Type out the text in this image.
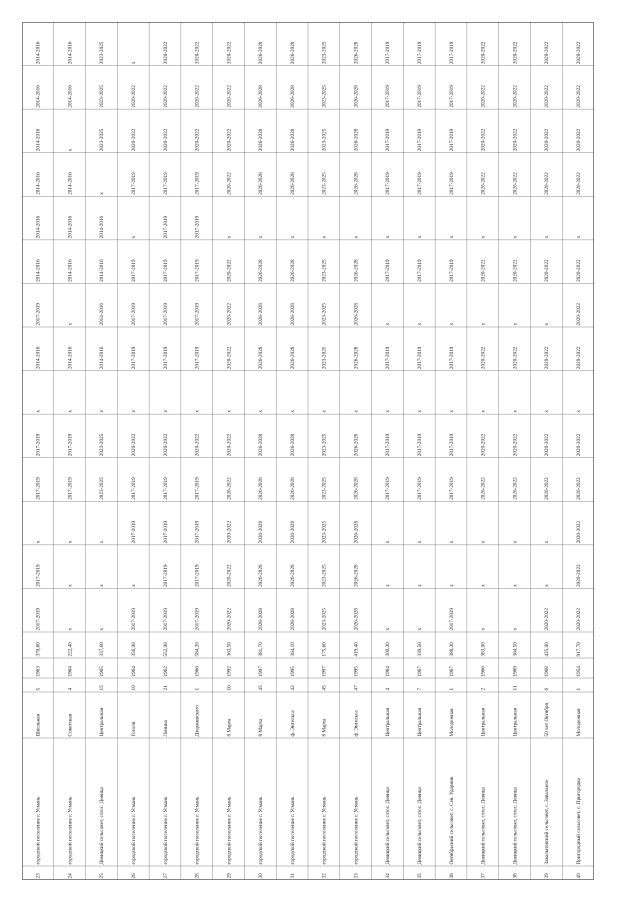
23
городской поселение г. Усмань
Школьная
5
1963
370,60
2017-2019
2017-2019
x
2017-2019
2017-2019
x
2014-2016
2017-2019
2014-2016
2014-2016
2014-2016
2014-2016
2014-2016
2014-2016
24
городской поселение г. Усмань
Советская
4
1964
222,40
x
x
x
2017-2019
2017-2019
x
2014-2016
x
2014-2016
2014-2016
2014-2016
x
2014-2016
2014-2016
25
Девицкий сельсовет, с/пос. Девица
Центральная
15
1965
337,60
x
x
x
2023-2025
2023-2025
x
2014-2016
2014-2016
2014-2016
2014-2016
x
2023-2025
2023-2025
2023-2025
26
городской поселение г. Усмань
Гоголя
10
1964
356,00
2017-2019
x
2017-2019
2017-2019
2020-2022
x
2017-2019
2017-2019
2017-2019
x
2017-2019
2020-2022
2020-2022
x
27
городской поселение г. Усмань
Ленина
21
1962
552,00
2017-2019
2017-2019
2017-2019
2017-2019
2020-2022
x
2017-2019
2017-2019
2017-2019
2017-2019
2017-2019
2020-2022
2020-2022
2020-2022
28
городской поселение г. Усмань
Дзержинского
1
1966
584,20
2017-2019
2017-2019
2017-2019
2017-2019
2020-2022
x
2017-2019
2017-2019
2017-2019
2017-2019
2017-2019
2020-2022
2020-2022
2020-2022
29
городской поселение г. Усмань
8 Марта
16
1992
363,50
2020-2022
2020-2022
2020-2022
2020-2022
2020-2022
x
2020-2022
2020-2022
2020-2022
x
2020-2022
2020-2022
2020-2022
2020-2022
30
городской поселение г. Усмань
8 Марта
45
1997
381,70
2026-2028
2026-2028
2026-2028
2026-2028
2026-2028
x
2026-2028
2026-2028
2026-2028
x
2026-2028
2026-2028
2026-2028
2026-2028
31
городской поселение г. Усмань
ф. Энгельса
42
1995
364,10
2026-2028
2026-2028
2026-2028
2026-2028
2026-2028
x
2026-2028
2026-2028
2026-2028
x
2026-2028
2026-2028
2026-2028
2026-2028
32
городской поселение г. Усмань
8 Марта
45
1997
175,60
2023-2025
2023-2025
2023-2025
2023-2025
2023-2025
x
2023-2025
2023-2025
2023-2025
x
2023-2025
2023-2025
2023-2025
2023-2025
33
городской поселение г. Усмань
ф. Энгельса
47
1995
419,40
2026-2028
2026-2028
2026-2028
2026-2028
2026-2028
x
2026-2028
2026-2028
2026-2028
x
2026-2028
2026-2028
2026-2028
2026-2028
34
Девицкий сельсовет, с/пос. Девица
Центральная
4
1964
300,30
x
x
x
2017-2019
2017-2019
x
2017-2019
x
2017-2019
x
2017-2019
2017-2019
2017-2019
2017-2019
35
Девицкий сельсовет, с/пос. Девица
Центральная
7
1967
339,50
x
x
x
2017-2019
2017-2019
x
2017-2019
x
2017-2019
x
2017-2019
2017-2019
2017-2019
2017-2019
36
Октябрьский сельсовет, с. Сев. Ударник
Молодежная
1
1967
388,30
2017-2019
x
x
2017-2019
2017-2019
x
2017-2019
x
2017-2019
x
2017-2019
2017-2019
2017-2019
2017-2019
37
Девицкий сельсовет, с/пос. Девица
Центральная
2
1966
383,00
x
x
x
2020-2022
2020-2022
x
2020-2022
x
2020-2022
x
2020-2022
2020-2022
2020-2022
2020-2022
38
Девицкий сельсовет, с/пос. Девица
Центральная
11
1969
364,50
x
x
x
2020-2022
2020-2022
x
2020-2022
x
2020-2022
x
2020-2022
2020-2022
2020-2022
2020-2022
39
Завальновский сельсовет, с. Завальное
50 лет Октября
6
1968
425,00
2020-2022
x
x
2020-2022
2020-2022
x
2020-2022
x
2020-2022
x
2020-2022
2020-2022
2020-2022
2020-2022
40
Пригородный сельсовет, с. Пригородка
Молодежная
1
1954
917,70
2020-2022
2020-2022
2020-2022
2020-2022
2020-2022
x
2020-2022
2020-2022
2020-2022
x
2020-2022
2020-2022
2020-2022
2020-2022
